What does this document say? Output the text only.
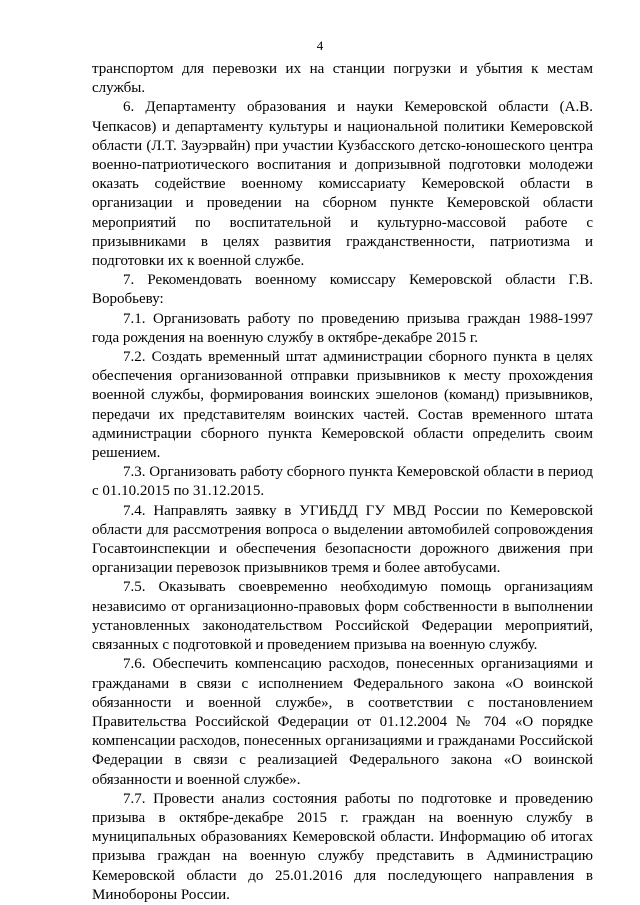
4

транспортом для перевозки их на станции погрузки и убытия к местам службы.

6. Департаменту образования и науки Кемеровской области (А.В. Чепкасов) и департаменту культуры и национальной политики Кемеровской области (Л.Т. Зауэрвайн) при участии Кузбасского детско-юношеского центра военно-патриотического воспитания и допризывной подготовки молодежи оказать содействие военному комиссариату Кемеровской области в организации и проведении на сборном пункте Кемеровской области мероприятий по воспитательной и культурно-массовой работе с призывниками в целях развития гражданственности, патриотизма и подготовки их к военной службе.

7. Рекомендовать военному комиссару Кемеровской области Г.В. Воробьеву:

7.1. Организовать работу по проведению призыва граждан 1988-1997 года рождения на военную службу в октябре-декабре 2015 г.

7.2. Создать временный штат администрации сборного пункта в целях обеспечения организованной отправки призывников к месту прохождения военной службы, формирования воинских эшелонов (команд) призывников, передачи их представителям воинских частей. Состав временного штата администрации сборного пункта Кемеровской области определить своим решением.

7.3. Организовать работу сборного пункта Кемеровской области в период с 01.10.2015 по 31.12.2015.

7.4. Направлять заявку в УГИБДД ГУ МВД России по Кемеровской области для рассмотрения вопроса о выделении автомобилей сопровождения Госавтоинспекции и обеспечения безопасности дорожного движения при организации перевозок призывников тремя и более автобусами.

7.5. Оказывать своевременно необходимую помощь организациям независимо от организационно-правовых форм собственности в выполнении установленных законодательством Российской Федерации мероприятий, связанных с подготовкой и проведением призыва на военную службу.

7.6. Обеспечить компенсацию расходов, понесенных организациями и гражданами в связи с исполнением Федерального закона «О воинской обязанности и военной службе», в соответствии с постановлением Правительства Российской Федерации от 01.12.2004 № 704 «О порядке компенсации расходов, понесенных организациями и гражданами Российской Федерации в связи с реализацией Федерального закона «О воинской обязанности и военной службе».

7.7. Провести анализ состояния работы по подготовке и проведению призыва в октябре-декабре 2015 г. граждан на военную службу в муниципальных образованиях Кемеровской области. Информацию об итогах призыва граждан на военную службу представить в Администрацию Кемеровской области до 25.01.2016 для последующего направления в Минобороны России.
